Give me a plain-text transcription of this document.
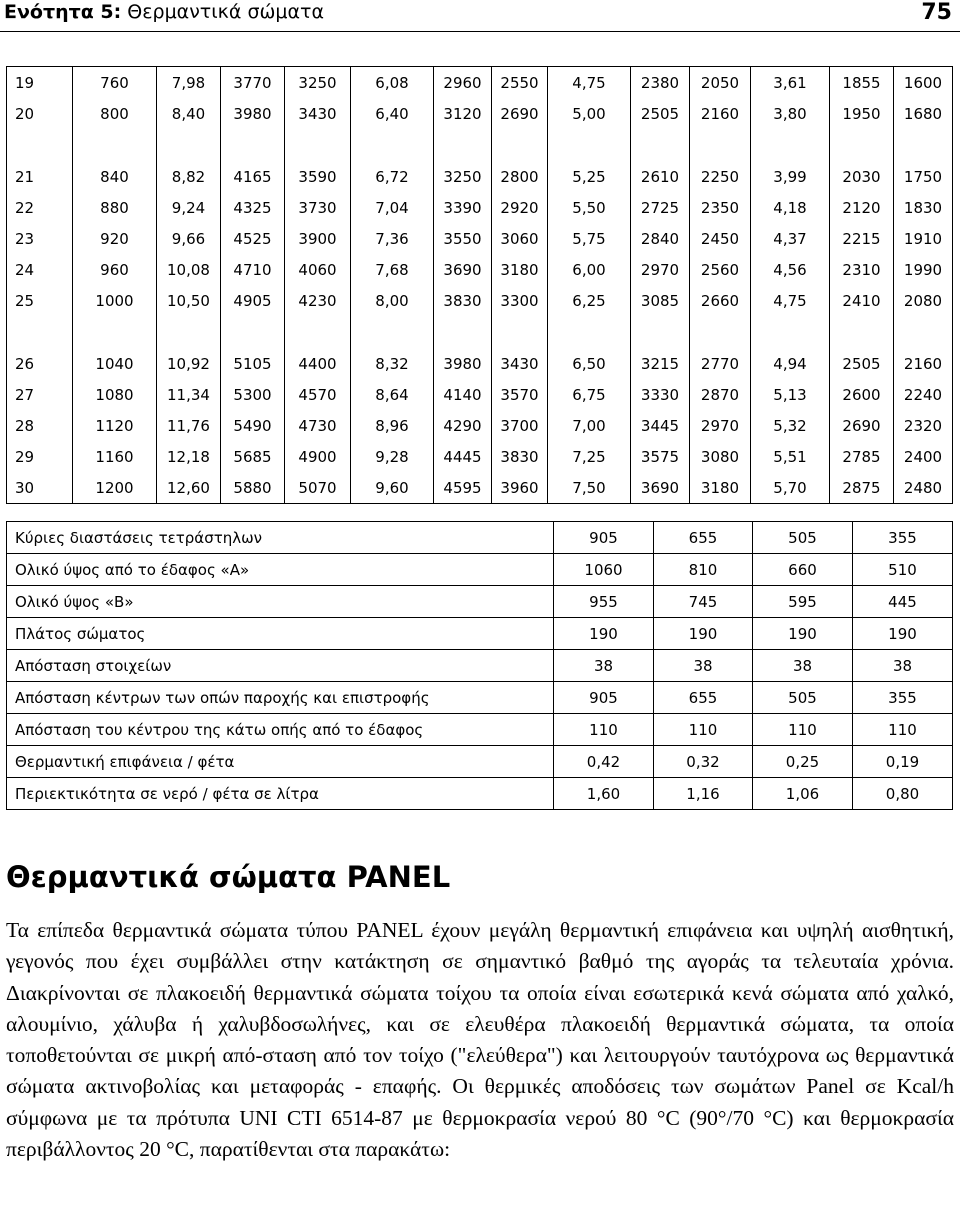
Ενότητα 5: Θερμαντικά σώματα	75
19	760	7,98	3770	3250	6,08	2960	2550	4,75	2380	2050	3,61	1855	1600
20	800	8,40	3980	3430	6,40	3120	2690	5,00	2505	2160	3,80	1950	1680

21	840	8,82	4165	3590	6,72	3250	2800	5,25	2610	2250	3,99	2030	1750
22	880	9,24	4325	3730	7,04	3390	2920	5,50	2725	2350	4,18	2120	1830
23	920	9,66	4525	3900	7,36	3550	3060	5,75	2840	2450	4,37	2215	1910
24	960	10,08	4710	4060	7,68	3690	3180	6,00	2970	2560	4,56	2310	1990
25	1000	10,50	4905	4230	8,00	3830	3300	6,25	3085	2660	4,75	2410	2080

26	1040	10,92	5105	4400	8,32	3980	3430	6,50	3215	2770	4,94	2505	2160
27	1080	11,34	5300	4570	8,64	4140	3570	6,75	3330	2870	5,13	2600	2240
28	1120	11,76	5490	4730	8,96	4290	3700	7,00	3445	2970	5,32	2690	2320
29	1160	12,18	5685	4900	9,28	4445	3830	7,25	3575	3080	5,51	2785	2400
30	1200	12,60	5880	5070	9,60	4595	3960	7,50	3690	3180	5,70	2875	2480
Κύριες διαστάσεις τετράστηλων	905	655	505	355
Ολικό ύψος από το έδαφος «Α»	1060	810	660	510
Ολικό ύψος «Β»	955	745	595	445
Πλάτος σώματος	190	190	190	190
Απόσταση στοιχείων	38	38	38	38
Απόσταση κέντρων των οπών παροχής και επιστροφής	905	655	505	355
Απόσταση του κέντρου της κάτω οπής από το έδαφος	110	110	110	110
Θερμαντική επιφάνεια / φέτα	0,42	0,32	0,25	0,19
Περιεκτικότητα σε νερό / φέτα σε λίτρα	1,60	1,16	1,06	0,80
Θερμαντικά σώματα PANEL

Τα επίπεδα θερμαντικά σώματα τύπου PANEL έχουν μεγάλη θερμαντική επιφάνεια και υψηλή αισθητική, γεγονός που έχει συμβάλλει στην κατάκτηση σε σημαντικό βαθμό της αγοράς τα τελευταία χρόνια. Διακρίνονται σε πλακοειδή θερμαντικά σώματα τοίχου τα οποία είναι εσωτερικά κενά σώματα από χαλκό, αλουμίνιο, χάλυβα ή χαλυβδοσωλήνες, και σε ελευθέρα πλακοειδή θερμαντικά σώματα, τα οποία τοποθετούνται σε μικρή από-σταση από τον τοίχο ("ελεύθερα") και λειτουργούν ταυτόχρονα ως θερμαντικά σώματα ακτινοβολίας και μεταφοράς - επαφής. Οι θερμικές αποδόσεις των σωμάτων Panel σε Kcal/h σύμφωνα με τα πρότυπα UNI CTI 6514-87 με θερμοκρασία νερού 80 °C (90°/70 °C) και θερμοκρασία περιβάλλοντος 20 °C, παρατίθενται στα παρακάτω:
